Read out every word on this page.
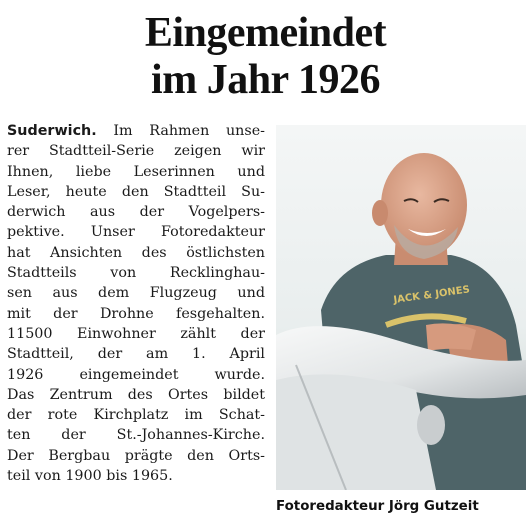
Eingemeindet
im Jahr 1926
Suderwich. Im Rahmen unse-
rer Stadtteil-Serie zeigen wir
Ihnen, liebe Leserinnen und
Leser, heute den Stadtteil Su-
derwich aus der Vogelpers-
pektive. Unser Fotoredakteur
hat Ansichten des östlichsten
Stadtteils von Recklinghau-
sen aus dem Flugzeug und
mit der Drohne fesgehalten.
11500 Einwohner zählt der
Stadtteil, der am 1. April
1926 eingemeindet wurde.
Das Zentrum des Ortes bildet
der rote Kirchplatz im Schat-
ten der St.-Johannes-Kirche.
Der Bergbau prägte den Orts-
teil von 1900 bis 1965.
JACK & JONES
Fotoredakteur Jörg Gutzeit
